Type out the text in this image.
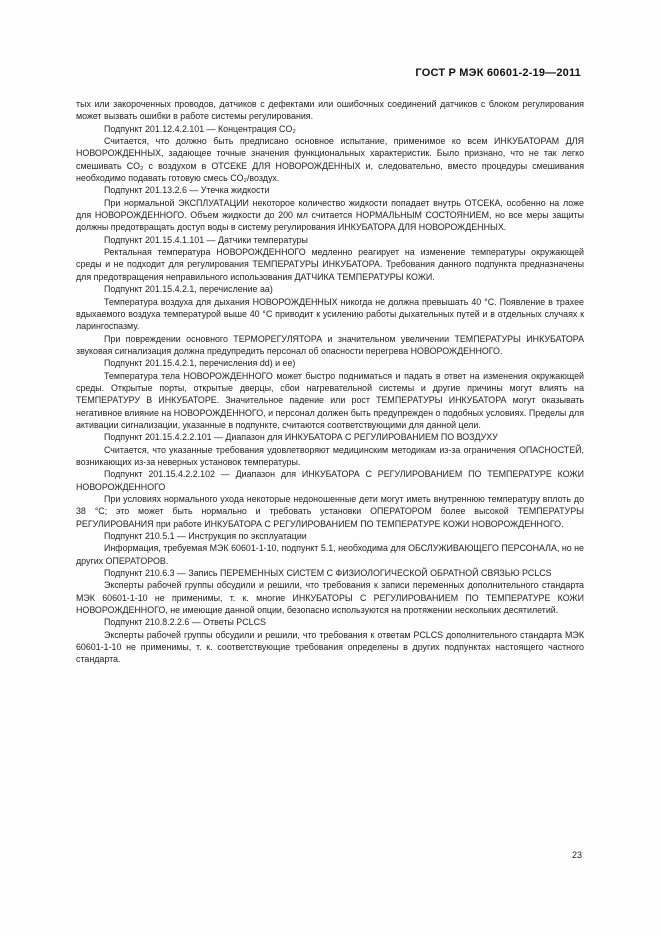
ГОСТ Р МЭК 60601-2-19—2011

тых или закороченных проводов, датчиков с дефектами или ошибочных соединений датчиков с блоком регулирования может вызвать ошибки в работе системы регулирования.

Подпункт 201.12.4.2.101 — Концентрация CO₂

Считается, что должно быть предписано основное испытание, применимое ко всем ИНКУБАТОРАМ ДЛЯ НОВОРОЖДЕННЫХ, задающее точные значения функциональных характеристик. Было признано, что не так легко смешивать CO₂ с воздухом в ОТСЕКЕ ДЛЯ НОВОРОЖДЕННЫХ и, следовательно, вместо процедуры смешивания необходимо подавать готовую смесь CO₂/воздух.

Подпункт 201.13.2.6 — Утечка жидкости

При нормальной ЭКСПЛУАТАЦИИ некоторое количество жидкости попадает внутрь ОТСЕКА, особенно на ложе для НОВОРОЖДЕННОГО. Объем жидкости до 200 мл считается НОРМАЛЬНЫМ СОСТОЯНИЕМ, но все меры защиты должны предотвращать доступ воды в систему регулирования ИНКУБАТОРА ДЛЯ НОВОРОЖДЕННЫХ.

Подпункт 201.15.4.1.101 — Датчики температуры

Ректальная температура НОВОРОЖДЕННОГО медленно реагирует на изменение температуры окружающей среды и не подходит для регулирования ТЕМПЕРАТУРЫ ИНКУБАТОРА. Требования данного подпункта предназначены для предотвращения неправильного использования ДАТЧИКА ТЕМПЕРАТУРЫ КОЖИ.

Подпункт 201.15.4.2.1, перечисление aa)

Температура воздуха для дыхания НОВОРОЖДЕННЫХ никогда не должна превышать 40 °C. Появление в трахее вдыхаемого воздуха температурой выше 40 °C приводит к усилению работы дыхательных путей и в отдельных случаях к ларингоспазму.

При повреждении основного ТЕРМОРЕГУЛЯТОРА и значительном увеличении ТЕМПЕРАТУРЫ ИНКУБАТОРА звуковая сигнализация должна предупредить персонал об опасности перегрева НОВОРОЖДЕННОГО.

Подпункт 201.15.4.2.1, перечисления dd) и ee)

Температура тела НОВОРОЖДЕННОГО может быстро подниматься и падать в ответ на изменения окружающей среды. Открытые порты, открытые дверцы, сбои нагревательной системы и другие причины могут влиять на ТЕМПЕРАТУРУ В ИНКУБАТОРЕ. Значительное падение или рост ТЕМПЕРАТУРЫ ИНКУБАТОРА могут оказывать негативное влияние на НОВОРОЖДЕННОГО, и персонал должен быть предупрежден о подобных условиях. Пределы для активации сигнализации, указанные в подпункте, считаются соответствующими для данной цели.

Подпункт 201.15.4.2.2.101 — Диапазон для ИНКУБАТОРА С РЕГУЛИРОВАНИЕМ ПО ВОЗДУХУ

Считается, что указанные требования удовлетворяют медицинским методикам из-за ограничения ОПАСНОСТЕЙ, возникающих из-за неверных установок температуры.

Подпункт 201.15.4.2.2.102 — Диапазон для ИНКУБАТОРА С РЕГУЛИРОВАНИЕМ ПО ТЕМПЕРАТУРЕ КОЖИ НОВОРОЖДЕННОГО

При условиях нормального ухода некоторые недоношенные дети могут иметь внутреннюю температуру вплоть до 38 °C; это может быть нормально и требовать установки ОПЕРАТОРОМ более высокой ТЕМПЕРАТУРЫ РЕГУЛИРОВАНИЯ при работе ИНКУБАТОРА С РЕГУЛИРОВАНИЕМ ПО ТЕМПЕРАТУРЕ КОЖИ НОВОРОЖДЕННОГО.

Подпункт 210.5.1 — Инструкция по эксплуатации

Информация, требуемая МЭК 60601-1-10, подпункт 5.1, необходима для ОБСЛУЖИВАЮЩЕГО ПЕРСОНАЛА, но не других ОПЕРАТОРОВ.

Подпункт 210.6.3 — Запись ПЕРЕМЕННЫХ СИСТЕМ С ФИЗИОЛОГИЧЕСКОЙ ОБРАТНОЙ СВЯЗЬЮ PCLCS

Эксперты рабочей группы обсудили и решили, что требования к записи переменных дополнительного стандарта МЭК 60601-1-10 не применимы, т. к. многие ИНКУБАТОРЫ С РЕГУЛИРОВАНИЕМ ПО ТЕМПЕРАТУРЕ КОЖИ НОВОРОЖДЕННОГО, не имеющие данной опции, безопасно используются на протяжении нескольких десятилетий.

Подпункт 210.8.2.2.6 — Ответы PCLCS

Эксперты рабочей группы обсудили и решили, что требования к ответам PCLCS дополнительного стандарта МЭК 60601-1-10 не применимы, т. к. соответствующие требования определены в других подпунктах настоящего частного стандарта.

23
